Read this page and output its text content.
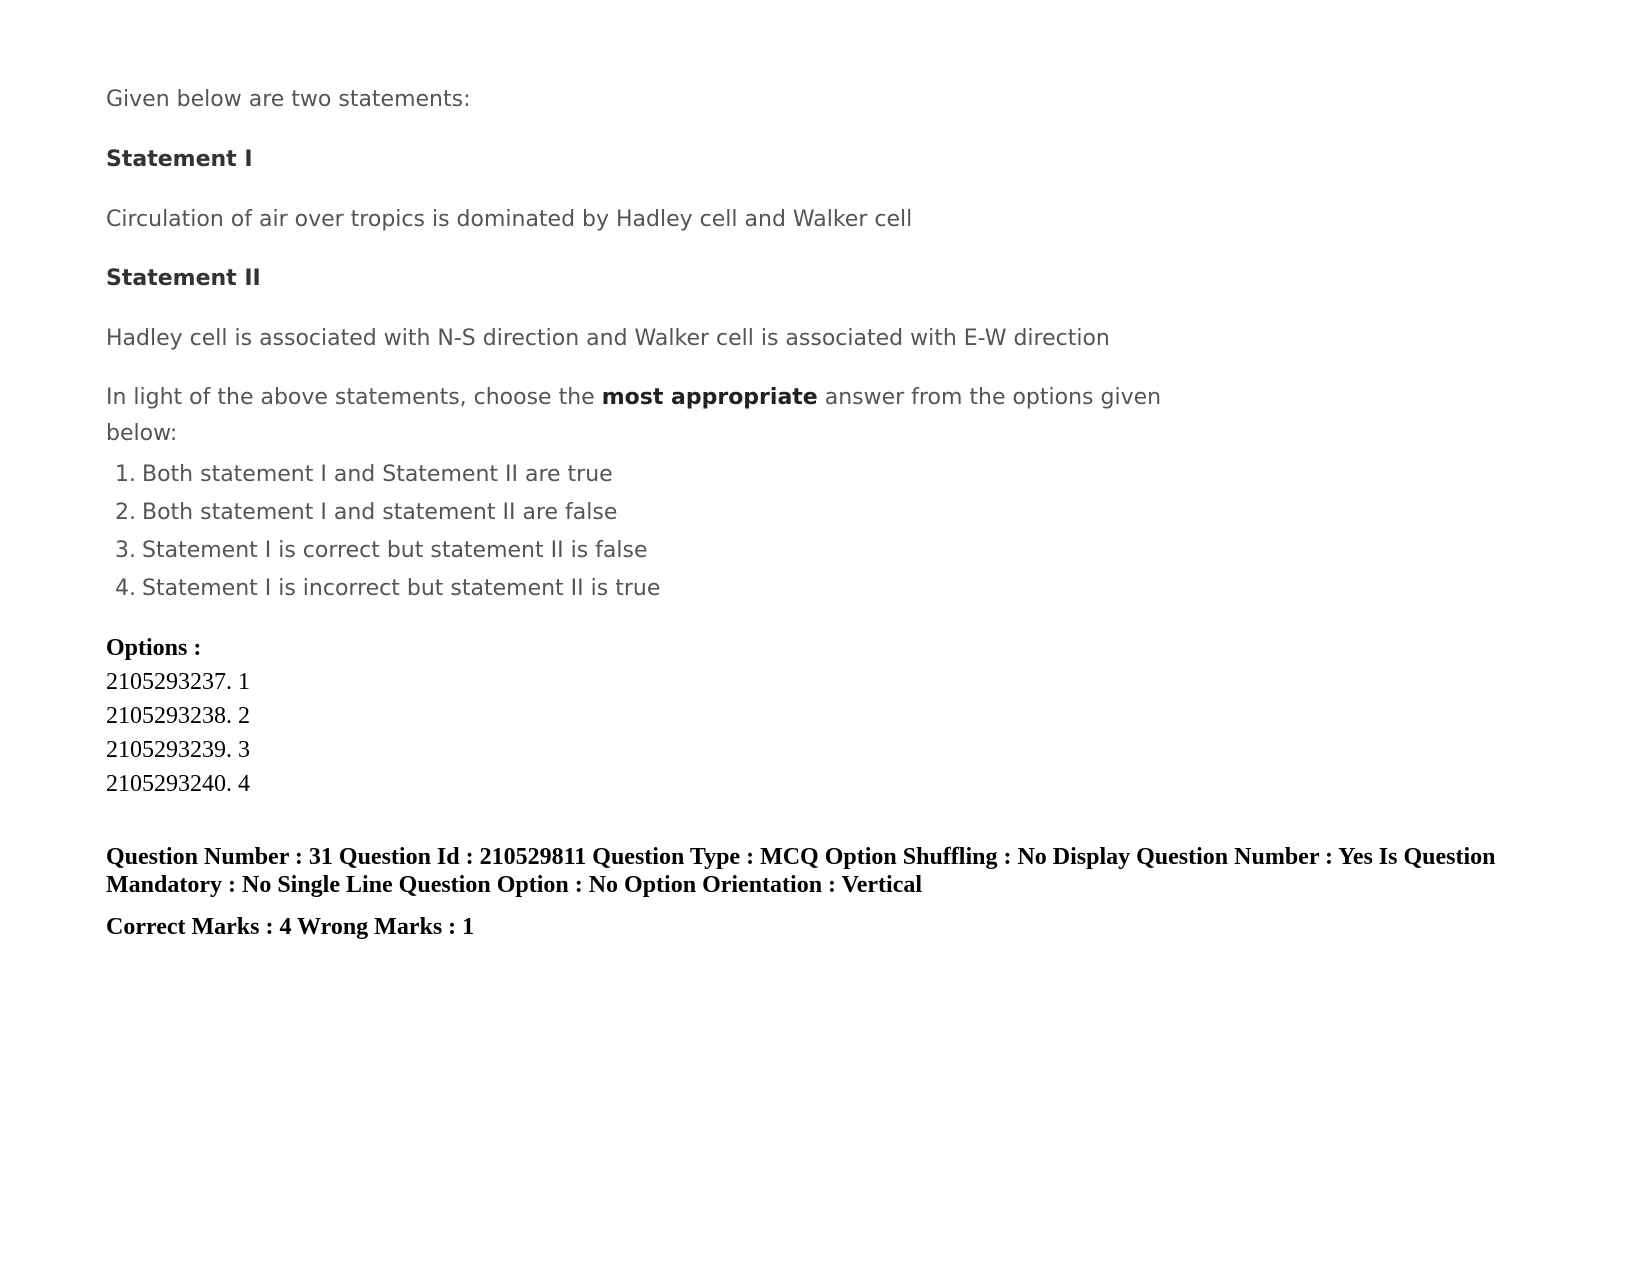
Given below are two statements:
Statement I
Circulation of air over tropics is dominated by Hadley cell and Walker cell
Statement II
Hadley cell is associated with N-S direction and Walker cell is associated with E-W direction
In light of the above statements, choose the most appropriate answer from the options given below:
1. Both statement I and Statement II are true
2. Both statement I and statement II are false
3. Statement I is correct but statement II is false
4. Statement I is incorrect but statement II is true
Options :
2105293237. 1
2105293238. 2
2105293239. 3
2105293240. 4
Question Number : 31 Question Id : 210529811 Question Type : MCQ Option Shuffling : No Display Question Number : Yes Is Question Mandatory : No Single Line Question Option : No Option Orientation : Vertical
Correct Marks : 4 Wrong Marks : 1
